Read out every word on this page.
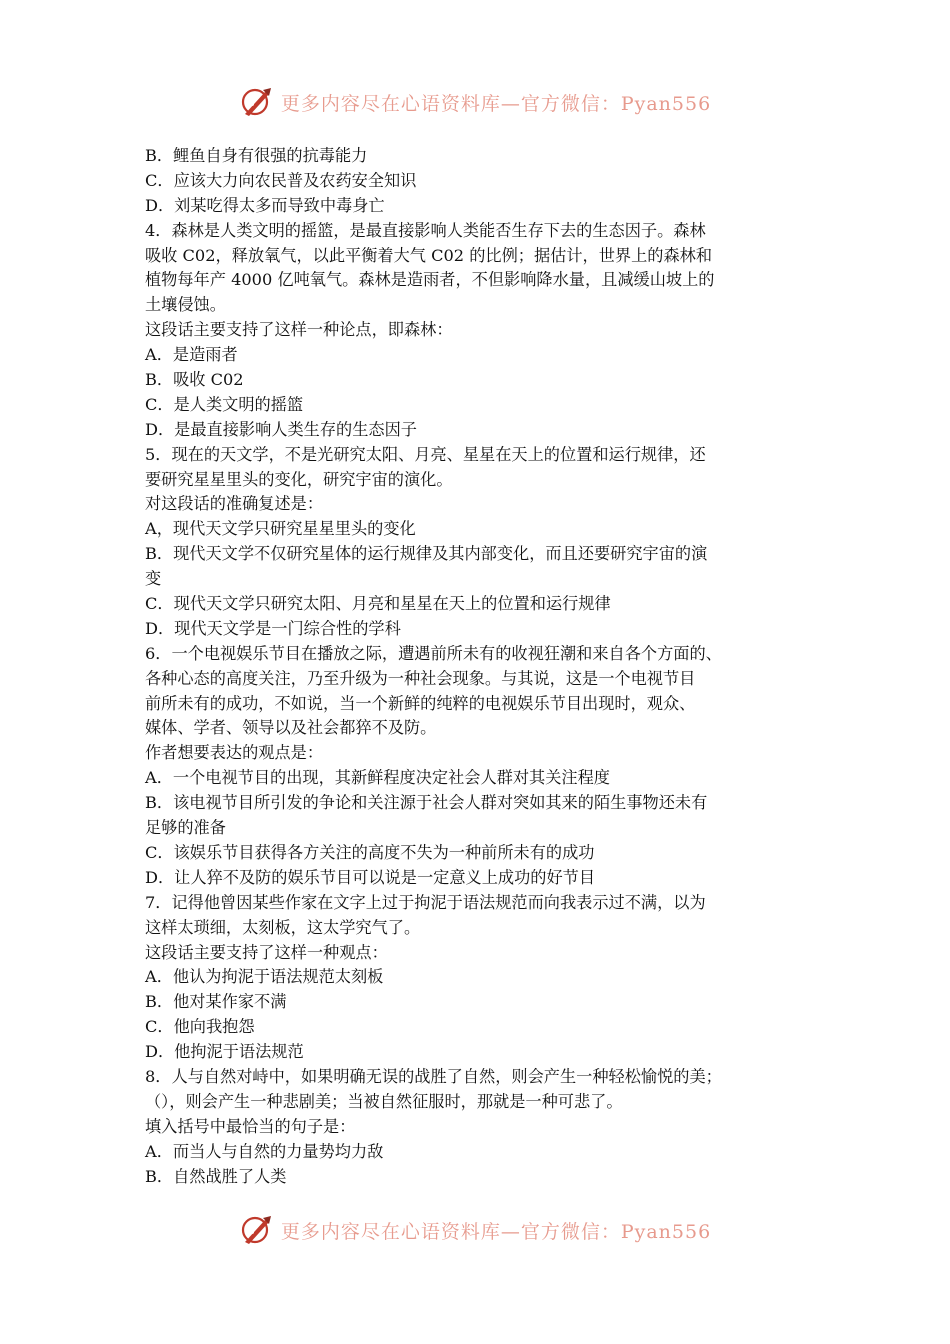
更多内容尽在心语资料库—官方微信：Pyan556
B．鲤鱼自身有很强的抗毒能力
C．应该大力向农民普及农药安全知识
D．刘某吃得太多而导致中毒身亡
4．森林是人类文明的摇篮，是最直接影响人类能否生存下去的生态因子。森林
吸收 C02，释放氧气，以此平衡着大气 C02 的比例；据估计，世界上的森林和
植物每年产 4000 亿吨氧气。森林是造雨者，不但影响降水量，且减缓山坡上的
土壤侵蚀。
这段话主要支持了这样一种论点，即森林：
A．是造雨者
B．吸收 C02
C．是人类文明的摇篮
D．是最直接影响人类生存的生态因子
5．现在的天文学，不是光研究太阳、月亮、星星在天上的位置和运行规律，还
要研究星星里头的变化，研究宇宙的演化。
对这段话的准确复述是：
A，现代天文学只研究星星里头的变化
B．现代天文学不仅研究星体的运行规律及其内部变化，而且还要研究宇宙的演
变
C．现代天文学只研究太阳、月亮和星星在天上的位置和运行规律
D．现代天文学是一门综合性的学科
6．一个电视娱乐节目在播放之际，遭遇前所未有的收视狂潮和来自各个方面的、
各种心态的高度关注，乃至升级为一种社会现象。与其说，这是一个电视节目
前所未有的成功，不如说，当一个新鲜的纯粹的电视娱乐节目出现时，观众、
媒体、学者、领导以及社会都猝不及防。
作者想要表达的观点是：
A．一个电视节目的出现，其新鲜程度决定社会人群对其关注程度
B．该电视节目所引发的争论和关注源于社会人群对突如其来的陌生事物还未有
足够的准备
C．该娱乐节目获得各方关注的高度不失为一种前所未有的成功
D．让人猝不及防的娱乐节目可以说是一定意义上成功的好节目
7．记得他曾因某些作家在文字上过于拘泥于语法规范而向我表示过不满，以为
这样太琐细，太刻板，这太学究气了。
这段话主要支持了这样一种观点：
A．他认为拘泥于语法规范太刻板
B．他对某作家不满
C．他向我抱怨
D．他拘泥于语法规范
8．人与自然对峙中，如果明确无误的战胜了自然，则会产生一种轻松愉悦的美；
（），则会产生一种悲剧美；当被自然征服时，那就是一种可悲了。
填入括号中最恰当的句子是：
A．而当人与自然的力量势均力敌
B．自然战胜了人类
更多内容尽在心语资料库—官方微信：Pyan556
